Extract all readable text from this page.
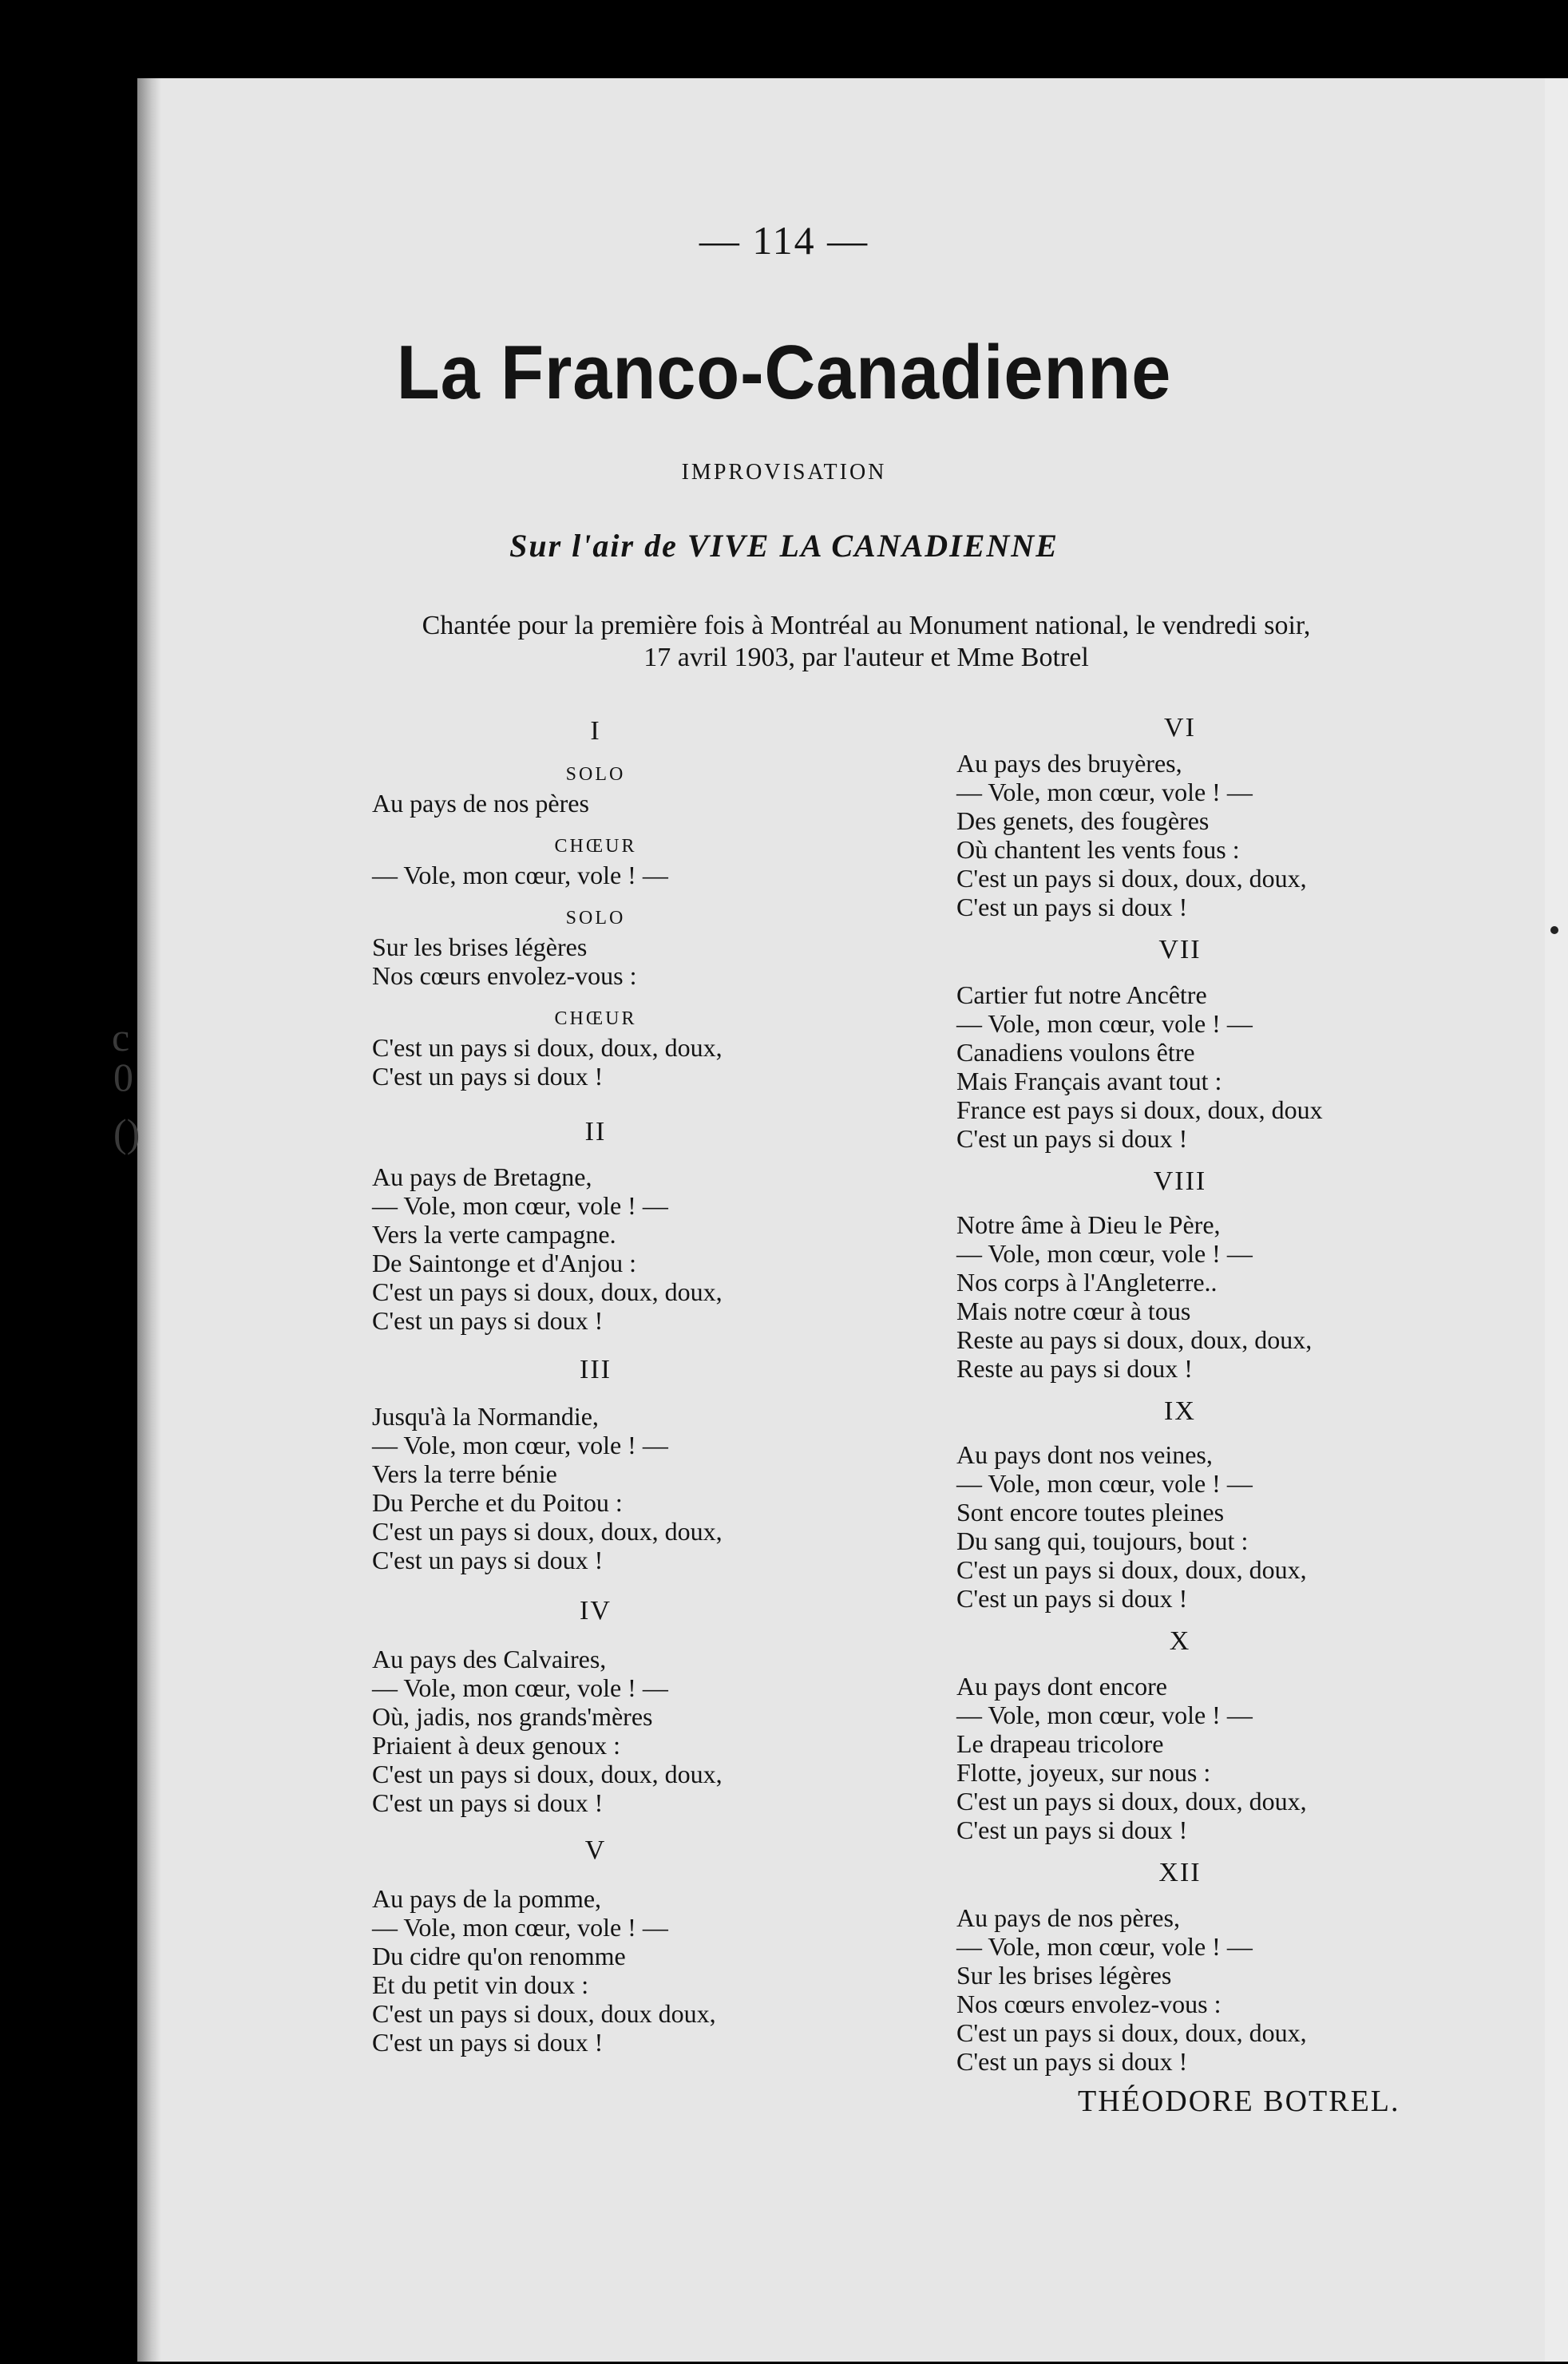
c
0
()
— 114 —
La Franco-Canadienne
IMPROVISATION
Sur l'air de VIVE LA CANADIENNE
Chantée pour la première fois à Montréal au Monument national, le vendredi soir,
17 avril 1903, par l'auteur et Mme Botrel
I
SOLO
Au pays de nos pères
CHŒUR
— Vole, mon cœur, vole ! —
SOLO
Sur les brises légères
Nos cœurs envolez-vous :
CHŒUR
C'est un pays si doux, doux, doux,
C'est un pays si doux !
II
Au pays de Bretagne,
— Vole, mon cœur, vole ! —
Vers la verte campagne.
De Saintonge et d'Anjou :
C'est un pays si doux, doux, doux,
C'est un pays si doux !
III
Jusqu'à la Normandie,
— Vole, mon cœur, vole ! —
Vers la terre bénie
Du Perche et du Poitou :
C'est un pays si doux, doux, doux,
C'est un pays si doux !
IV
Au pays des Calvaires,
— Vole, mon cœur, vole ! —
Où, jadis, nos grands'mères
Priaient à deux genoux :
C'est un pays si doux, doux, doux,
C'est un pays si doux !
V
Au pays de la pomme,
— Vole, mon cœur, vole ! —
Du cidre qu'on renomme
Et du petit vin doux :
C'est un pays si doux, doux doux,
C'est un pays si doux !
VI
Au pays des bruyères,
— Vole, mon cœur, vole ! —
Des genets, des fougères
Où chantent les vents fous :
C'est un pays si doux, doux, doux,
C'est un pays si doux !
VII
Cartier fut notre Ancêtre
— Vole, mon cœur, vole ! —
Canadiens voulons être
Mais Français avant tout :
France est pays si doux, doux, doux
C'est un pays si doux !
VIII
Notre âme à Dieu le Père,
— Vole, mon cœur, vole ! —
Nos corps à l'Angleterre..
Mais notre cœur à tous
Reste au pays si doux, doux, doux,
Reste au pays si doux !
IX
Au pays dont nos veines,
— Vole, mon cœur, vole ! —
Sont encore toutes pleines
Du sang qui, toujours, bout :
C'est un pays si doux, doux, doux,
C'est un pays si doux !
X
Au pays dont encore
— Vole, mon cœur, vole ! —
Le drapeau tricolore
Flotte, joyeux, sur nous :
C'est un pays si doux, doux, doux,
C'est un pays si doux !
XII
Au pays de nos pères,
— Vole, mon cœur, vole ! —
Sur les brises légères
Nos cœurs envolez-vous :
C'est un pays si doux, doux, doux,
C'est un pays si doux !
THÉODORE BOTREL.
